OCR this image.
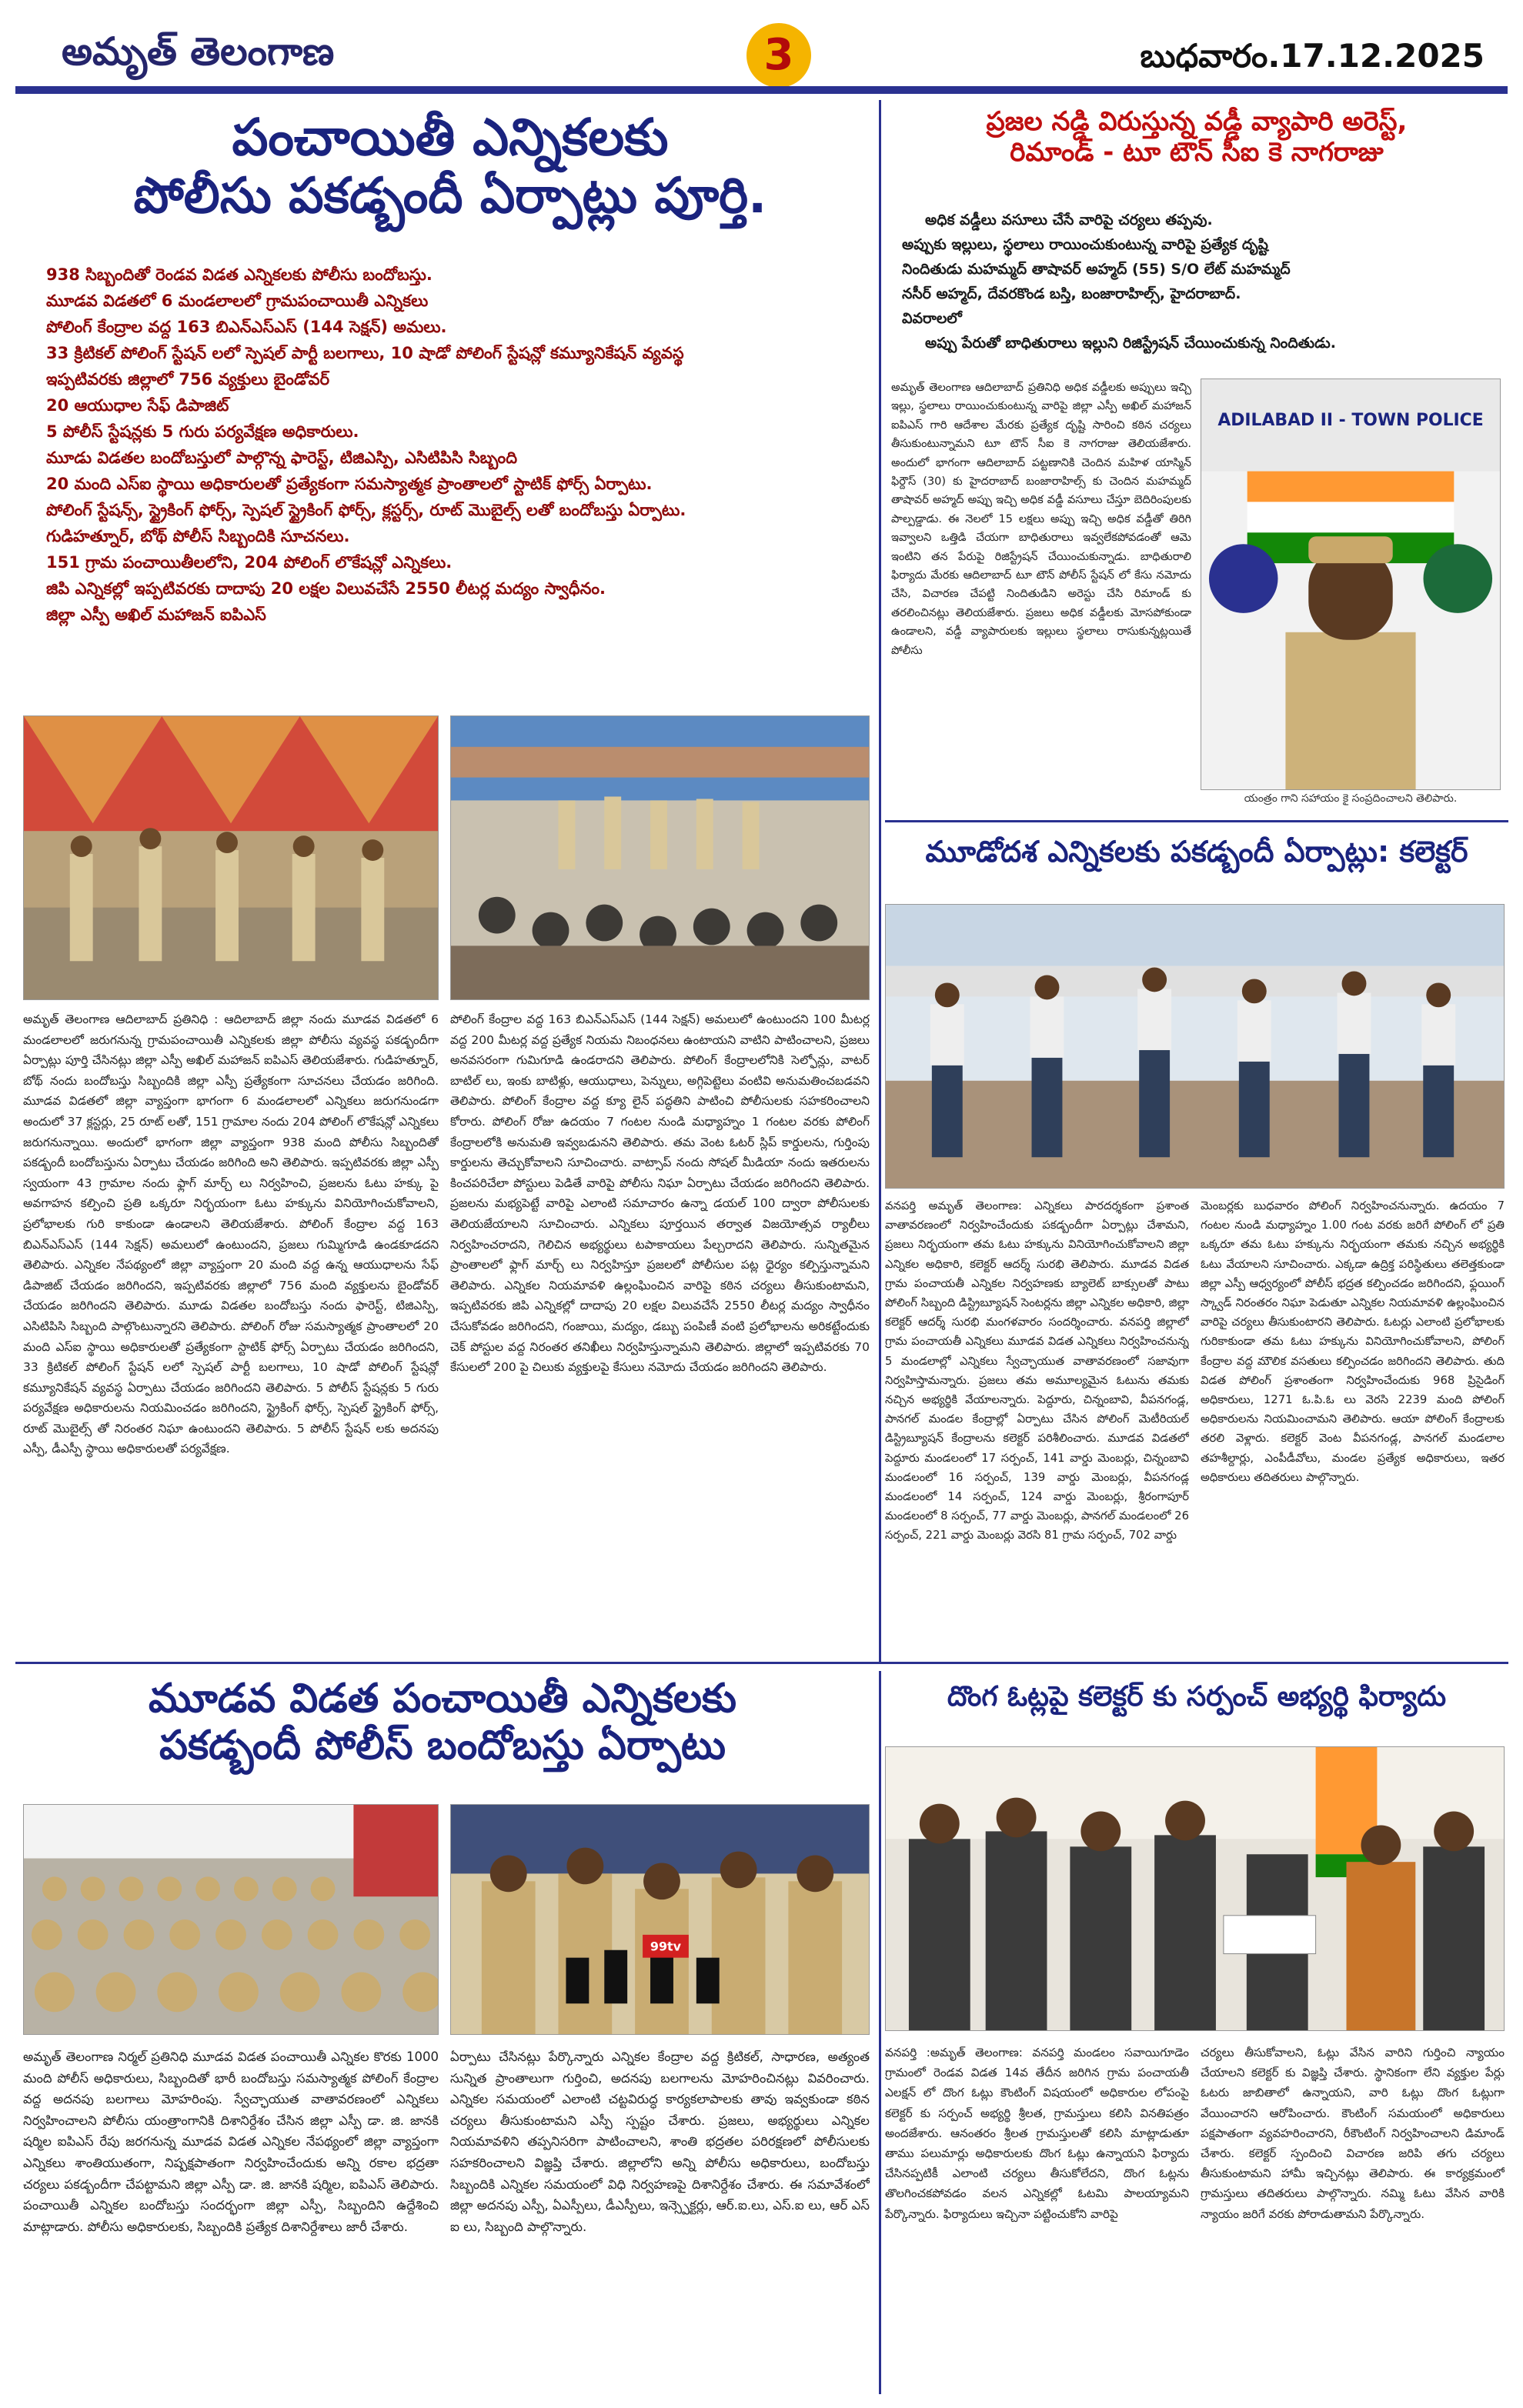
అమృత్ తెలంగాణ	3	బుధవారం.17.12.2025
పంచాయితీ ఎన్నికలకు
పోలీసు పకడ్బందీ ఏర్పాట్లు పూర్తి.
938 సిబ్బందితో రెండవ విడత ఎన్నికలకు పోలీసు బందోబస్తు.
మూడవ విడతలో 6 మండలాలలో గ్రామపంచాయితీ ఎన్నికలు
పోలింగ్ కేంద్రాల వద్ద 163 బిఎన్ఎస్ఎస్ (144 సెక్షన్) అమలు.
33 క్రిటికల్ పోలింగ్ స్టేషన్ లలో స్పెషల్ పార్టీ బలగాలు, 10 షాడో పోలింగ్ స్టేషన్లో కమ్యూనికేషన్ వ్యవస్థ
ఇప్పటివరకు జిల్లాలో 756 వ్యక్తులు బైండోవర్
20 ఆయుధాల సేఫ్ డిపాజిట్
5 పోలీస్ స్టేషన్లకు 5 గురు పర్యవేక్షణ అధికారులు.
మూడు విడతల బందోబస్తులో పాల్గొన్న ఫారెస్ట్, టిజిఎస్పి, ఎసిటిపిసి సిబ్బంది
20 మంది ఎస్ఐ స్థాయి అధికారులతో ప్రత్యేకంగా సమస్యాత్మక ప్రాంతాలలో స్టాటిక్ ఫోర్స్ ఏర్పాటు.
పోలింగ్ స్టేషన్స్, స్ట్రైకింగ్ ఫోర్స్, స్పెషల్ స్ట్రైకింగ్ ఫోర్స్, క్లస్టర్స్, రూట్ మొబైల్స్ లతో బందోబస్తు ఏర్పాటు.
గుడిహత్నూర్, బోథ్ పోలీస్ సిబ్బందికి సూచనలు.
151 గ్రామ పంచాయితీలలోని, 204 పోలింగ్ లొకేషన్లో ఎన్నికలు.
జిపి ఎన్నికల్లో ఇప్పటివరకు దాదాపు 20 లక్షల విలువచేసే 2550 లీటర్ల మద్యం స్వాధీనం.
జిల్లా ఎస్పీ అఖిల్ మహాజన్ ఐపిఎస్
అమృత్ తెలంగాణ ఆదిలాబాద్ ప్రతినిధి : ఆదిలాబాద్ జిల్లా నందు మూడవ విడతలో 6 మండలాలలో జరుగనున్న గ్రామపంచాయితీ ఎన్నికలకు జిల్లా పోలీసు వ్యవస్థ పకడ్బందీగా ఏర్పాట్లు పూర్తి చేసినట్లు జిల్లా ఎస్పీ అఖిల్ మహాజన్ ఐపిఎస్ తెలియజేశారు. గుడిహత్నూర్, బోథ్ నందు బందోబస్తు సిబ్బందికి జిల్లా ఎస్పీ ప్రత్యేకంగా సూచనలు చేయడం జరిగింది. మూడవ విడతలో జిల్లా వ్యాప్తంగా భాగంగా 6 మండలాలలో ఎన్నికలు జరుగనుండగా అందులో 37 క్లస్టర్లు, 25 రూట్ లతో, 151 గ్రామాల నందు 204 పోలింగ్ లొకేషన్లో ఎన్నికలు జరుగనున్నాయి. అందులో భాగంగా జిల్లా వ్యాప్తంగా 938 మంది పోలీసు సిబ్బందితో పకడ్బందీ బందోబస్తును ఏర్పాటు చేయడం జరిగింది అని తెలిపారు. ఇప్పటివరకు జిల్లా ఎస్పీ స్వయంగా 43 గ్రామాల నందు ఫ్లాగ్ మార్చ్ లు నిర్వహించి, ప్రజలను ఓటు హక్కు పై అవగాహన కల్పించి ప్రతి ఒక్కరూ నిర్భయంగా ఓటు హక్కును వినియోగించుకోవాలని, ప్రలోభాలకు గురి కాకుండా ఉండాలని తెలియజేశారు. పోలింగ్ కేంద్రాల వద్ద 163 బిఎన్ఎస్ఎస్ (144 సెక్షన్) అమలులో ఉంటుందని, ప్రజలు గుమ్మిగూడి ఉండకూడదని తెలిపారు. ఎన్నికల నేపథ్యంలో జిల్లా వ్యాప్తంగా 20 మంది వద్ద ఉన్న ఆయుధాలను సేఫ్ డిపాజిట్ చేయడం జరిగిందని, ఇప్పటివరకు జిల్లాలో 756 మంది వ్యక్తులను బైండోవర్ చేయడం జరిగిందని తెలిపారు. మూడు విడతల బందోబస్తు నందు ఫారెస్ట్, టిజిఎస్పి, ఎసిటిపిసి సిబ్బంది పాల్గొంటున్నారని తెలిపారు. పోలింగ్ రోజు సమస్యాత్మక ప్రాంతాలలో 20 మంది ఎస్ఐ స్థాయి అధికారులతో ప్రత్యేకంగా స్టాటిక్ ఫోర్స్ ఏర్పాటు చేయడం జరిగిందని, 33 క్రిటికల్ పోలింగ్ స్టేషన్ లలో స్పెషల్ పార్టీ బలగాలు, 10 షాడో పోలింగ్ స్టేషన్లో కమ్యూనికేషన్ వ్యవస్థ ఏర్పాటు చేయడం జరిగిందని తెలిపారు. 5 పోలీస్ స్టేషన్లకు 5 గురు పర్యవేక్షణ అధికారులను నియమించడం జరిగిందని, స్ట్రైకింగ్ ఫోర్స్, స్పెషల్ స్ట్రైకింగ్ ఫోర్స్, రూట్ మొబైల్స్ తో నిరంతర నిఘా ఉంటుందని తెలిపారు. 5 పోలీస్ స్టేషన్ లకు అదనపు ఎస్పీ, డీఎస్పీ స్థాయి అధికారులతో పర్యవేక్షణ.
పోలింగ్ కేంద్రాల వద్ద 163 బిఎన్ఎస్ఎస్ (144 సెక్షన్) అమలులో ఉంటుందని 100 మీటర్ల వద్ద 200 మీటర్ల వద్ద ప్రత్యేక నియమ నిబంధనలు ఉంటాయని వాటిని పాటించాలని, ప్రజలు అనవసరంగా గుమిగూడి ఉండరాదని తెలిపారు. పోలింగ్ కేంద్రాలలోనికి సెల్ఫోన్లు, వాటర్ బాటిల్ లు, ఇంకు బాటిళ్లు, ఆయుధాలు, పెన్నులు, అగ్గిపెట్టెలు వంటివి అనుమతించబడవని తెలిపారు. పోలింగ్ కేంద్రాల వద్ద క్యూ లైన్ పద్ధతిని పాటించి పోలీసులకు సహకరించాలని కోరారు. పోలింగ్ రోజు ఉదయం 7 గంటల నుండి మధ్యాహ్నం 1 గంటల వరకు పోలింగ్ కేంద్రాలలోకి అనుమతి ఇవ్వబడునని తెలిపారు. తమ వెంట ఓటర్ స్లిప్ కార్డులను, గుర్తింపు కార్డులను తెచ్చుకోవాలని సూచించారు. వాట్సాప్ నందు సోషల్ మీడియా నందు ఇతరులను కించపరిచేలా పోస్టులు పెడితే వారిపై పోలీసు నిఘా ఏర్పాటు చేయడం జరిగిందని తెలిపారు. ప్రజలను మభ్యపెట్టే వారిపై ఎలాంటి సమాచారం ఉన్నా డయల్ 100 ద్వారా పోలీసులకు తెలియజేయాలని సూచించారు. ఎన్నికలు పూర్తయిన తర్వాత విజయోత్సవ ర్యాలీలు నిర్వహించరాదని, గెలిచిన అభ్యర్థులు టపాకాయలు పేల్చరాదని తెలిపారు. సున్నితమైన ప్రాంతాలలో ఫ్లాగ్ మార్చ్ లు నిర్వహిస్తూ ప్రజలలో పోలీసుల పట్ల ధైర్యం కల్పిస్తున్నామని తెలిపారు. ఎన్నికల నియమావళి ఉల్లంఘించిన వారిపై కఠిన చర్యలు తీసుకుంటామని, ఇప్పటివరకు జిపి ఎన్నికల్లో దాదాపు 20 లక్షల విలువచేసే 2550 లీటర్ల మద్యం స్వాధీనం చేసుకోవడం జరిగిందని, గంజాయి, మద్యం, డబ్బు పంపిణీ వంటి ప్రలోభాలను అరికట్టేందుకు చెక్ పోస్టుల వద్ద నిరంతర తనిఖీలు నిర్వహిస్తున్నామని తెలిపారు. జిల్లాలో ఇప్పటివరకు 70 కేసులలో 200 పై చిలుకు వ్యక్తులపై కేసులు నమోదు చేయడం జరిగిందని తెలిపారు.
ప్రజల నడ్డి విరుస్తున్న వడ్డీ వ్యాపారి అరెస్ట్,
రిమాండ్ - టూ టౌన్ సీఐ కె నాగరాజు
అధిక వడ్డీలు వసూలు చేసే వారిపై చర్యలు తప్పవు.
అప్పుకు ఇల్లులు, స్థలాలు రాయించుకుంటున్న వారిపై ప్రత్యేక దృష్టి
నిందితుడు మహమ్మద్ తాషావర్ అహ్మద్ (55) S/O లేట్ మహమ్మద్
నసీర్ అహ్మద్, దేవరకొండ బస్తి, బంజారాహిల్స్, హైదరాబాద్.
వివరాలలో
అప్పు పేరుతో బాధితురాలు ఇల్లుని రిజిస్ట్రేషన్ చేయించుకున్న నిందితుడు.
అమృత్ తెలంగాణ ఆదిలాబాద్ ప్రతినిధి అధిక వడ్డీలకు అప్పులు ఇచ్చి ఇల్లు, స్థలాలు రాయించుకుంటున్న వారిపై జిల్లా ఎస్పీ అఖిల్ మహాజన్ ఐపిఎస్ గారి ఆదేశాల మేరకు ప్రత్యేక దృష్టి సారించి కఠిన చర్యలు తీసుకుంటున్నామని టూ టౌన్ సీఐ కె నాగరాజు తెలియజేశారు. అందులో భాగంగా ఆదిలాబాద్ పట్టణానికి చెందిన మహిళ యాస్మిన్ ఫిర్దౌస్ (30) కు హైదరాబాద్ బంజారాహిల్స్ కు చెందిన మహమ్మద్ తాషావర్ అహ్మద్ అప్పు ఇచ్చి అధిక వడ్డీ వసూలు చేస్తూ బెదిరింపులకు పాల్పడ్డాడు. ఈ నెలలో 15 లక్షలు అప్పు ఇచ్చి అధిక వడ్డీతో తిరిగి ఇవ్వాలని ఒత్తిడి చేయగా బాధితురాలు ఇవ్వలేకపోవడంతో ఆమె ఇంటిని తన పేరుపై రిజిస్ట్రేషన్ చేయించుకున్నాడు. బాధితురాలి ఫిర్యాదు మేరకు ఆదిలాబాద్ టూ టౌన్ పోలీస్ స్టేషన్ లో కేసు నమోదు చేసి, విచారణ చేపట్టి నిందితుడిని అరెస్టు చేసి రిమాండ్ కు తరలించినట్లు తెలియజేశారు. ప్రజలు అధిక వడ్డీలకు మోసపోకుండా ఉండాలని, వడ్డీ వ్యాపారులకు ఇల్లులు స్థలాలు రాసుకున్నట్లయితే పోలీసు
ADILABAD II - TOWN POLICE
యంత్రం గాని సహాయం కై సంప్రదించాలని తెలిపారు.
మూడోదశ ఎన్నికలకు పకడ్బందీ ఏర్పాట్లు: కలెక్టర్
వనపర్తి అమృత్ తెలంగాణ: ఎన్నికలు పారదర్శకంగా ప్రశాంత వాతావరణంలో నిర్వహించేందుకు పకడ్బందీగా ఏర్పాట్లు చేశామని, ప్రజలు నిర్భయంగా తమ ఓటు హక్కును వినియోగించుకోవాలని జిల్లా ఎన్నికల అధికారి, కలెక్టర్ ఆదర్శ్ సురభి తెలిపారు. మూడవ విడత గ్రామ పంచాయతీ ఎన్నికల నిర్వహణకు బ్యాలెట్ బాక్సులతో పాటు పోలింగ్ సిబ్బంది డిస్ట్రిబ్యూషన్ సెంటర్లను జిల్లా ఎన్నికల అధికారి, జిల్లా కలెక్టర్ ఆదర్శ్ సురభి మంగళవారం సందర్శించారు. వనపర్తి జిల్లాలో గ్రామ పంచాయతీ ఎన్నికలు మూడవ విడత ఎన్నికలు నిర్వహించనున్న 5 మండలాల్లో ఎన్నికలు స్వేచ్ఛాయుత వాతావరణంలో సజావుగా నిర్వహిస్తామన్నారు. ప్రజలు తమ అమూల్యమైన ఓటును తమకు నచ్చిన అభ్యర్థికి వేయాలన్నారు. పెద్దూరు, చిన్నంబావి, వీపనగండ్ల, పానగల్ మండల కేంద్రాల్లో ఏర్పాటు చేసిన పోలింగ్ మెటీరియల్ డిస్ట్రిబ్యూషన్ కేంద్రాలను కలెక్టర్ పరిశీలించారు. మూడవ విడతలో పెద్దూరు మండలంలో 17 సర్పంచ్, 141 వార్డు మెంబర్లు, చిన్నంబావి మండలంలో 16 సర్పంచ్, 139 వార్డు మెంబర్లు, వీపనగండ్ల మండలంలో 14 సర్పంచ్, 124 వార్డు మెంబర్లు, శ్రీరంగాపూర్ మండలంలో 8 సర్పంచ్, 77 వార్డు మెంబర్లు, పానగల్ మండలంలో 26 సర్పంచ్, 221 వార్డు మెంబర్లు వెరసి 81 గ్రామ సర్పంచ్, 702 వార్డు
మెంబర్లకు బుధవారం పోలింగ్ నిర్వహించనున్నారు. ఉదయం 7 గంటల నుండి మధ్యాహ్నం 1.00 గంట వరకు జరిగే పోలింగ్ లో ప్రతి ఒక్కరూ తమ ఓటు హక్కును నిర్భయంగా తమకు నచ్చిన అభ్యర్థికి ఓటు వేయాలని సూచించారు. ఎక్కడా ఉద్రిక్త పరిస్థితులు తలెత్తకుండా జిల్లా ఎస్పీ ఆధ్వర్యంలో పోలీస్ భద్రత కల్పించడం జరిగిందని, ఫ్లయింగ్ స్క్వాడ్ నిరంతరం నిఘా పెడుతూ ఎన్నికల నియమావళి ఉల్లంఘించిన వారిపై చర్యలు తీసుకుంటారని తెలిపారు. ఓటర్లు ఎలాంటి ప్రలోభాలకు గురికాకుండా తమ ఓటు హక్కును వినియోగించుకోవాలని, పోలింగ్ కేంద్రాల వద్ద మౌలిక వసతులు కల్పించడం జరిగిందని తెలిపారు. తుది విడత పోలింగ్ ప్రశాంతంగా నిర్వహించేందుకు 968 ప్రిసైడింగ్ అధికారులు, 1271 ఓ.పి.ఓ లు వెరసి 2239 మంది పోలింగ్ అధికారులను నియమించామని తెలిపారు. ఆయా పోలింగ్ కేంద్రాలకు తరలి వెళ్లారు. కలెక్టర్ వెంట వీపనగండ్ల, పానగల్ మండలాల తహశీల్దార్లు, ఎంపీడీవోలు, మండల ప్రత్యేక అధికారులు, ఇతర అధికారులు తదితరులు పాల్గొన్నారు.
మూడవ విడత పంచాయితీ ఎన్నికలకు
పకడ్బందీ పోలీస్ బందోబస్తు ఏర్పాటు
99tv
అమృత్ తెలంగాణ నిర్మల్ ప్రతినిధి మూడవ విడత పంచాయితీ ఎన్నికల కొరకు 1000 మంది పోలీస్ అధికారులు, సిబ్బందితో భారీ బందోబస్తు సమస్యాత్మక పోలింగ్ కేంద్రాల వద్ద అదనపు బలగాలు మోహరింపు. స్వేచ్ఛాయుత వాతావరణంలో ఎన్నికలు నిర్వహించాలని పోలీసు యంత్రాంగానికి దిశానిర్దేశం చేసిన జిల్లా ఎస్పీ డా. జి. జానకి షర్మిల ఐపిఎస్ రేపు జరగనున్న మూడవ విడత ఎన్నికల నేపథ్యంలో జిల్లా వ్యాప్తంగా ఎన్నికలు శాంతియుతంగా, నిష్పక్షపాతంగా నిర్వహించేందుకు అన్ని రకాల భద్రతా చర్యలు పకడ్బందీగా చేపట్టామని జిల్లా ఎస్పీ డా. జి. జానకి షర్మిల, ఐపిఎస్ తెలిపారు. పంచాయితీ ఎన్నికల బందోబస్తు సందర్భంగా జిల్లా ఎస్పీ, సిబ్బందిని ఉద్దేశించి మాట్లాడారు. పోలీసు అధికారులకు, సిబ్బందికి ప్రత్యేక దిశానిర్దేశాలు జారీ చేశారు.
ఏర్పాటు చేసినట్లు పేర్కొన్నారు ఎన్నికల కేంద్రాల వద్ద క్రిటికల్, సాధారణ, అత్యంత సున్నిత ప్రాంతాలుగా గుర్తించి, అదనపు బలగాలను మోహరించినట్లు వివరించారు. ఎన్నికల సమయంలో ఎలాంటి చట్టవిరుద్ధ కార్యకలాపాలకు తావు ఇవ్వకుండా కఠిన చర్యలు తీసుకుంటామని ఎస్పీ స్పష్టం చేశారు. ప్రజలు, అభ్యర్థులు ఎన్నికల నియమావళిని తప్పనిసరిగా పాటించాలని, శాంతి భద్రతల పరిరక్షణలో పోలీసులకు సహకరించాలని విజ్ఞప్తి చేశారు. జిల్లాలోని అన్ని పోలీసు అధికారులు, బందోబస్తు సిబ్బందికి ఎన్నికల సమయంలో విధి నిర్వహణపై దిశానిర్దేశం చేశారు. ఈ సమావేశంలో జిల్లా అదనపు ఎస్పీ, ఏఎస్పీలు, డీఎస్పీలు, ఇన్స్పెక్టర్లు, ఆర్.ఐ.లు, ఎస్.ఐ లు, ఆర్ ఎస్ ఐ లు, సిబ్బంది పాల్గొన్నారు.
దొంగ ఓట్లపై కలెక్టర్ కు సర్పంచ్ అభ్యర్థి ఫిర్యాదు
వనపర్తి :అమృత్ తెలంగాణ: వనపర్తి మండలం సవాయిగూడెం గ్రామంలో రెండవ విడత 14వ తేదీన జరిగిన గ్రామ పంచాయతీ ఎలక్షన్ లో దొంగ ఓట్లు కౌంటింగ్ విషయంలో అధికారుల లోపంపై కలెక్టర్ కు సర్పంచ్ అభ్యర్థి శ్రీలత, గ్రామస్తులు కలిసి వినతిపత్రం అందజేశారు. ఆనంతరం శ్రీలత గ్రామస్తులతో కలిసి మాట్లాడుతూ తాము పలుమార్లు అధికారులకు దొంగ ఓట్లు ఉన్నాయని ఫిర్యాదు చేసినప్పటికీ ఎలాంటి చర్యలు తీసుకోలేదని, దొంగ ఓట్లను తొలగించకపోవడం వలన ఎన్నికల్లో ఓటమి పాలయ్యామని పేర్కొన్నారు. ఫిర్యాదులు ఇచ్చినా పట్టించుకోని వారిపై
చర్యలు తీసుకోవాలని, ఓట్లు వేసిన వారిని గుర్తించి న్యాయం చేయాలని కలెక్టర్ కు విజ్ఞప్తి చేశారు. స్థానికంగా లేని వ్యక్తుల పేర్లు ఓటరు జాబితాలో ఉన్నాయని, వారి ఓట్లు దొంగ ఓట్లుగా వేయించారని ఆరోపించారు. కౌంటింగ్ సమయంలో అధికారులు పక్షపాతంగా వ్యవహరించారని, రీకౌంటింగ్ నిర్వహించాలని డిమాండ్ చేశారు. కలెక్టర్ స్పందించి విచారణ జరిపి తగు చర్యలు తీసుకుంటామని హామీ ఇచ్చినట్లు తెలిపారు. ఈ కార్యక్రమంలో గ్రామస్తులు తదితరులు పాల్గొన్నారు. నమ్మి ఓటు వేసిన వారికి న్యాయం జరిగే వరకు పోరాడుతామని పేర్కొన్నారు.
